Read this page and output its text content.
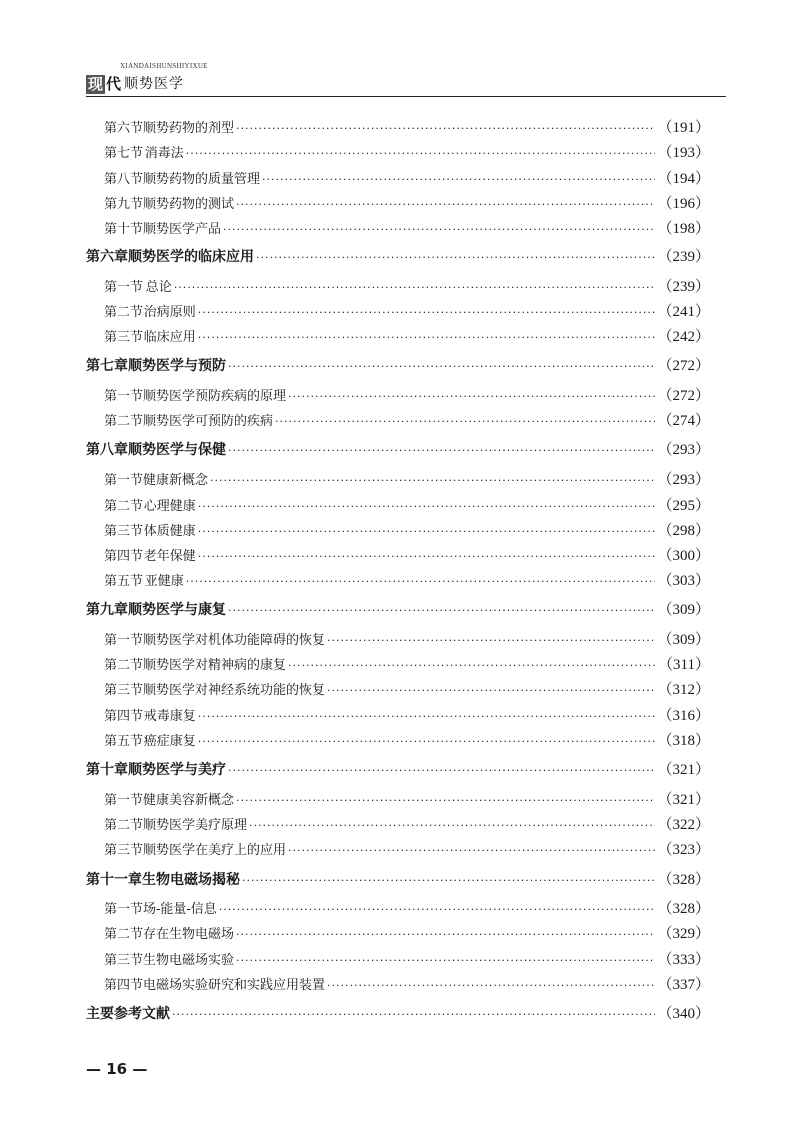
XIANDAISHUNSHIYIXUE
现 代 顺势医学
第六节 顺势药物的剂型 ·····	（191）
第七节 消毒法 ·····	（193）
第八节 顺势药物的质量管理 ·····	（194）
第九节 顺势药物的测试 ·····	（196）
第十节 顺势医学产品 ·····	（198）
第六章 顺势医学的临床应用 ·····	（239）
第一节 总论 ·····	（239）
第二节 治病原则 ·····	（241）
第三节 临床应用 ·····	（242）
第七章 顺势医学与预防 ·····	（272）
第一节 顺势医学预防疾病的原理 ·····	（272）
第二节 顺势医学可预防的疾病 ·····	（274）
第八章 顺势医学与保健 ·····	（293）
第一节 健康新概念 ·····	（293）
第二节 心理健康 ·····	（295）
第三节 体质健康 ·····	（298）
第四节 老年保健 ·····	（300）
第五节 亚健康 ·····	（303）
第九章 顺势医学与康复 ·····	（309）
第一节 顺势医学对机体功能障碍的恢复 ·····	（309）
第二节 顺势医学对精神病的康复 ·····	（311）
第三节 顺势医学对神经系统功能的恢复 ·····	（312）
第四节 戒毒康复 ·····	（316）
第五节 癌症康复 ·····	（318）
第十章 顺势医学与美疗 ·····	（321）
第一节 健康美容新概念 ·····	（321）
第二节 顺势医学美疗原理 ·····	（322）
第三节 顺势医学在美疗上的应用 ·····	（323）
第十一章 生物电磁场揭秘 ·····	（328）
第一节 场-能量-信息 ·····	（328）
第二节 存在生物电磁场 ·····	（329）
第三节 生物电磁场实验 ·····	（333）
第四节 电磁场实验研究和实践应用装置 ·····	（337）
主要参考文献 ·····	（340）
— 16 —
